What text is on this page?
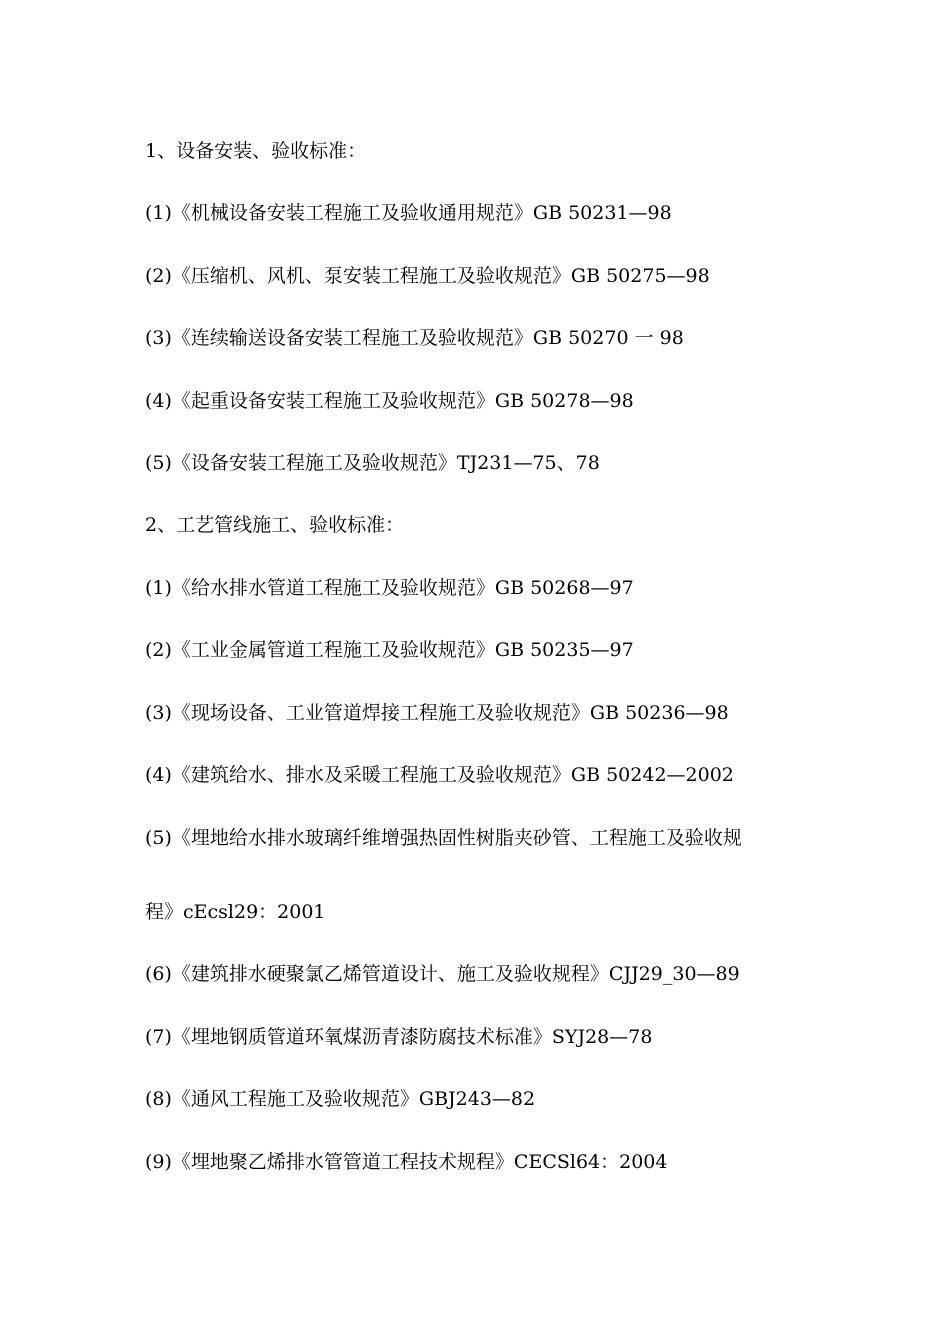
1、设备安装、验收标准：
(1)《机械设备安装工程施工及验收通用规范》GB 50231—98
(2)《压缩机、风机、泵安装工程施工及验收规范》GB 50275—98
(3)《连续输送设备安装工程施工及验收规范》GB 50270 一 98
(4)《起重设备安装工程施工及验收规范》GB 50278—98
(5)《设备安装工程施工及验收规范》TJ231—75、78
2、工艺管线施工、验收标准：
(1)《给水排水管道工程施工及验收规范》GB 50268—97
(2)《工业金属管道工程施工及验收规范》GB 50235—97
(3)《现场设备、工业管道焊接工程施工及验收规范》GB 50236—98
(4)《建筑给水、排水及采暖工程施工及验收规范》GB 50242—2002
(5)《埋地给水排水玻璃纤维增强热固性树脂夹砂管、工程施工及验收规
程》cEcsl29：2001
(6)《建筑排水硬聚氯乙烯管道设计、施工及验收规程》CJJ29_30—89
(7)《埋地钢质管道环氧煤沥青漆防腐技术标准》SYJ28—78
(8)《通风工程施工及验收规范》GBJ243—82
(9)《埋地聚乙烯排水管管道工程技术规程》CECSl64：2004
